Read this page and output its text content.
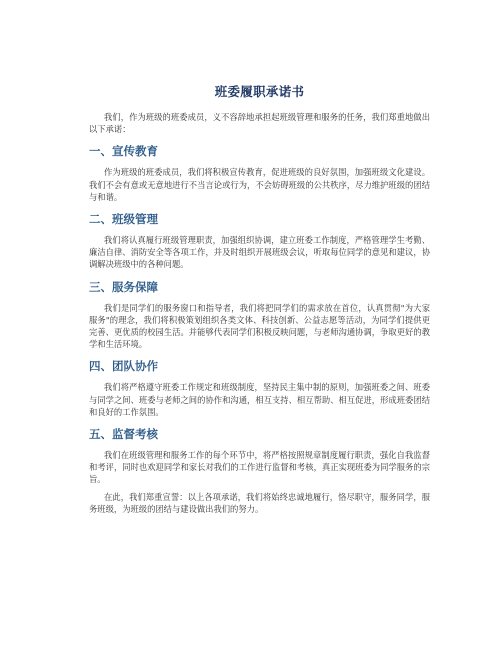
班委履职承诺书

我们，作为班级的班委成员，义不容辞地承担起班级管理和服务的任务，我们郑重地做出以下承诺：

一、宣传教育

作为班级的班委成员，我们将积极宣传教育，促进班级的良好氛围，加强班级文化建设。我们不会有意或无意地进行不当言论或行为，不会妨碍班级的公共秩序，尽力维护班级的团结与和谐。

二、班级管理

我们将认真履行班级管理职责，加强组织协调，建立班委工作制度，严格管理学生考勤、廉洁自律、消防安全等各项工作，并及时组织开展班级会议，听取每位同学的意见和建议，协调解决班级中的各种问题。

三、服务保障

我们是同学们的服务窗口和指导者，我们将把同学们的需求放在首位，认真贯彻"为大家服务"的理念，我们将积极策划组织各类文体、科技创新、公益志愿等活动，为同学们提供更完善、更优质的校园生活。并能够代表同学们积极反映问题，与老师沟通协调，争取更好的教学和生活环境。

四、团队协作

我们将严格遵守班委工作规定和班级制度，坚持民主集中制的原则，加强班委之间、班委与同学之间、班委与老师之间的协作和沟通，相互支持、相互帮助、相互促进，形成班委团结和良好的工作氛围。

五、监督考核

我们在班级管理和服务工作的每个环节中，将严格按照规章制度履行职责，强化自我监督和考评，同时也欢迎同学和家长对我们的工作进行监督和考核，真正实现班委为同学服务的宗旨。

在此，我们郑重宣誓：以上各项承诺，我们将始终忠诚地履行，恪尽职守，服务同学，服务班级，为班级的团结与建设做出我们的努力。
